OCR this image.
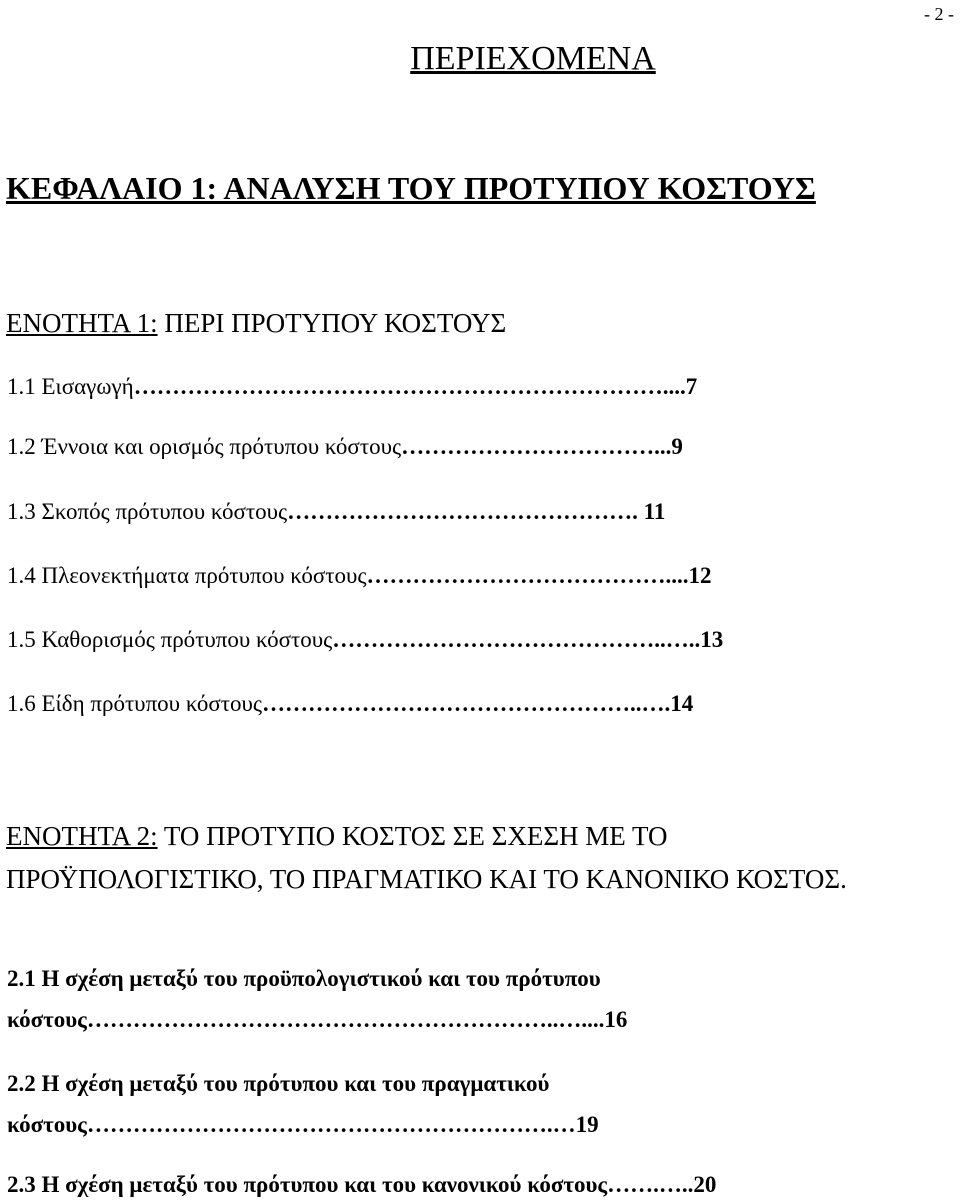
- 2 -
ΠΕΡΙΕΧΟΜΕΝΑ
ΚΕΦΑΛΑΙΟ 1: ΑΝΑΛΥΣΗ ΤΟΥ ΠΡΟΤΥΠΟΥ ΚΟΣΤΟΥΣ
ΕΝΟΤΗΤΑ 1: ΠΕΡΙ ΠΡΟΤΥΠΟΥ ΚΟΣΤΟΥΣ
1.1 Εισαγωγή……………………………………………………………....7
1.2 Έννοια και ορισμός πρότυπου κόστους……………………………...9
1.3 Σκοπός πρότυπου κόστους………………………………………. 11
1.4 Πλεονεκτήματα πρότυπου κόστους…………………………………....12
1.5 Καθορισμός πρότυπου κόστους……………………………………..…..13
1.6 Είδη πρότυπου κόστους…………………………………………..….14
ΕΝΟΤΗΤΑ 2: ΤΟ ΠΡΟΤΥΠΟ ΚΟΣΤΟΣ ΣΕ ΣΧΕΣΗ ΜΕ ΤΟ
ΠΡΟΫΠΟΛΟΓΙΣΤΙΚΟ, ΤΟ ΠΡΑΓΜΑΤΙΚΟ ΚΑΙ ΤΟ ΚΑΝΟΝΙΚΟ ΚΟΣΤΟΣ.
2.1 Η σχέση μεταξύ του προϋπολογιστικού και του πρότυπου
κόστους……………………………………………………..…....16
2.2 Η σχέση μεταξύ του πρότυπου και του πραγματικού
κόστους…………………………………………………….…19
2.3 Η σχέση μεταξύ του πρότυπου και του κανονικού κόστους…….…..20
